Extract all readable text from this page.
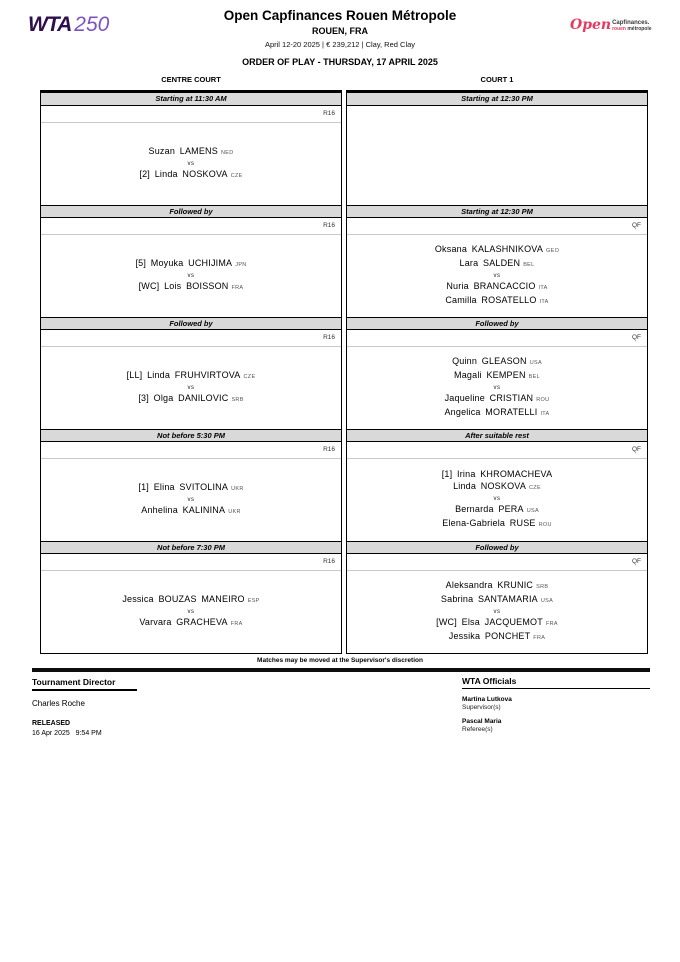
WTA 250	Open Capfinances Rouen Métropole
ROUEN, FRA
April 12-20 2025 | € 239,212 | Clay, Red Clay
Open Capfinances.
rouen métropole
ORDER OF PLAY - THURSDAY, 17 APRIL 2025
CENTRE COURT
Starting at 11:30 AM
R16
Suzan LAMENS NED
vs
[2] Linda NOSKOVA CZE
Followed by
R16
[5] Moyuka UCHIJIMA JPN
vs
[WC] Lois BOISSON FRA
Followed by
R16
[LL] Linda FRUHVIRTOVA CZE
vs
[3] Olga DANILOVIC SRB
Not before 5:30 PM
R16
[1] Elina SVITOLINA UKR
vs
Anhelina KALININA UKR
Not before 7:30 PM
R16
Jessica BOUZAS MANEIRO ESP
vs
Varvara GRACHEVA FRA
COURT 1
Starting at 12:30 PM
Starting at 12:30 PM
QF
Oksana KALASHNIKOVA GEO
Lara SALDEN BEL
vs
Nuria BRANCACCIO ITA
Camilla ROSATELLO ITA
Followed by
QF
Quinn GLEASON USA
Magali KEMPEN BEL
vs
Jaqueline CRISTIAN ROU
Angelica MORATELLI ITA
After suitable rest
QF
[1] Irina KHROMACHEVA
Linda NOSKOVA CZE
vs
Bernarda PERA USA
Elena-Gabriela RUSE ROU
Followed by
QF
Aleksandra KRUNIC SRB
Sabrina SANTAMARIA USA
vs
[WC] Elsa JACQUEMOT FRA
Jessika PONCHET FRA
Matches may be moved at the Supervisor's discretion
Tournament Director
Charles Roche
RELEASED
16 Apr 2025   9:54 PM
WTA Officials
Martina Lutkova
Supervisor(s)
Pascal Maria
Referee(s)
